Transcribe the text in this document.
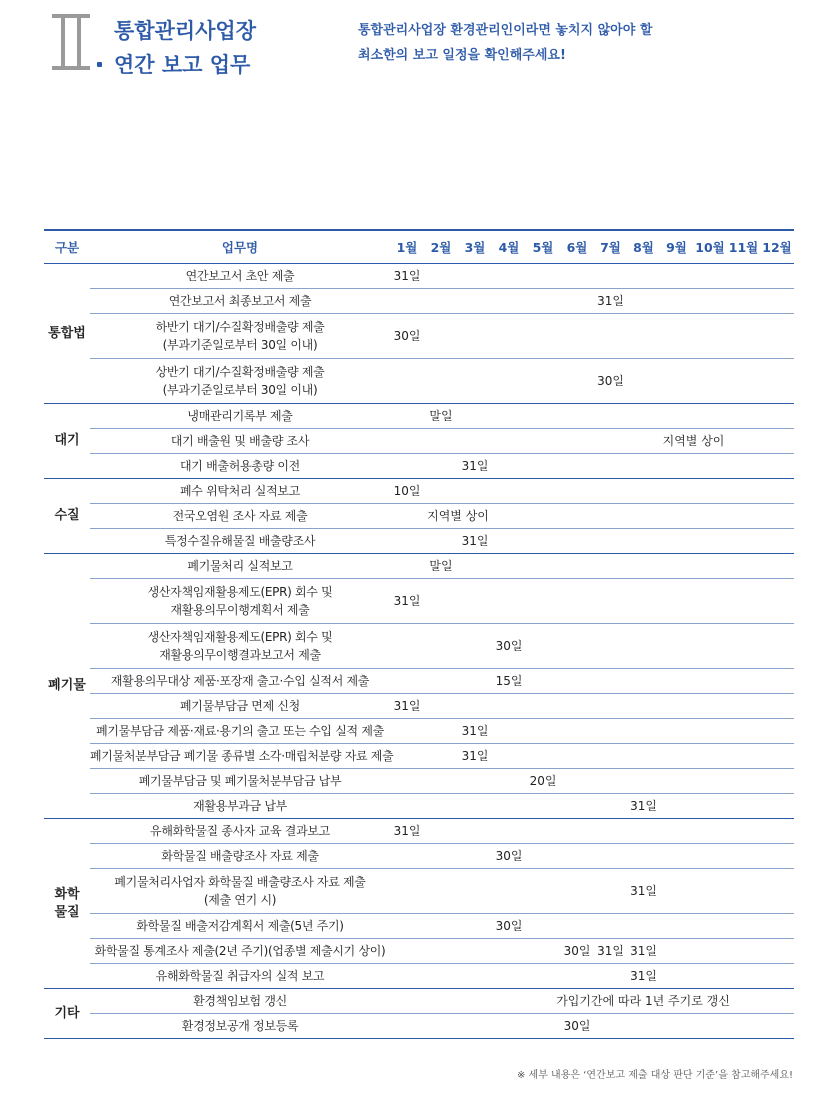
통합관리사업장
연간 보고 업무

통합관리사업장 환경관리인이라면 놓치지 않아야 할
최소한의 보고 일정을 확인해주세요!

구분	업무명	1월	2월	3월	4월	5월	6월	7월	8월	9월	10월	11월	12월
통합법	연간보고서 초안 제출	31일											

	연간보고서 최종보고서 제출							31일					

	하반기 대기/수질확정배출량 제출
(부과기준일로부터 30일 이내)	30일											

	상반기 대기/수질확정배출량 제출
(부과기준일로부터 30일 이내)							30일					
대기	냉매관리기록부 제출		말일										

	대기 배출원 및 배출량 조사									지역별 상이			

	대기 배출허용총량 이전			31일									
수질	폐수 위탁처리 실적보고	10일											

	전국오염원 조사 자료 제출		지역별 상이										

	특정수질유해물질 배출량조사			31일									
폐기물	폐기물처리 실적보고		말일										

	생산자책임재활용제도(EPR) 회수 및
재활용의무이행계획서 제출	31일											

	생산자책임재활용제도(EPR) 회수 및
재활용의무이행결과보고서 제출				30일								

	재활용의무대상 제품·포장재 출고·수입 실적서 제출				15일								

	폐기물부담금 면제 신청	31일											

	폐기물부담금 제품·재료·용기의 출고 또는 수입 실적 제출			31일									

	폐기물처분부담금 폐기물 종류별 소각·매립처분량 자료 제출			31일									

	폐기물부담금 및 폐기물처분부담금 납부					20일							

	재활용부과금 납부								31일				

화학
물질	유해화학물질 종사자 교육 결과보고	31일											

	화학물질 배출량조사 자료 제출				30일								

	폐기물처리사업자 화학물질 배출량조사 자료 제출
(제출 연기 시)								31일				

	화학물질 배출저감계획서 제출(5년 주기)				30일								

	화학물질 통계조사 제출(2년 주기)(업종별 제출시기 상이)						30일	31일	31일				

	유해화학물질 취급자의 실적 보고								31일				
기타	환경책임보험 갱신				가입기간에 따라 1년 주기로 갱신								

	환경정보공개 정보등록						30일						

※ 세부 내용은 ‘연간보고 제출 대상 판단 기준’을 참고해주세요!
